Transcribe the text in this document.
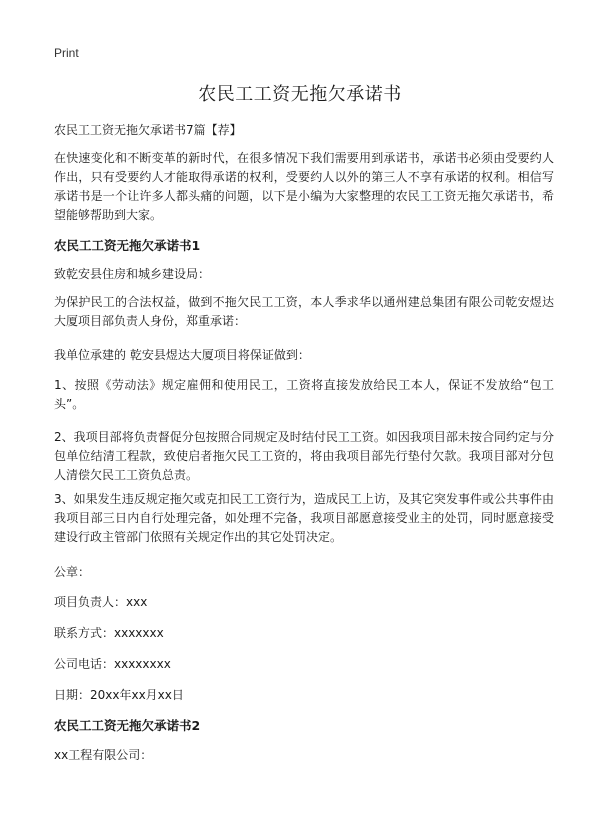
Print
农民工工资无拖欠承诺书
农民工工资无拖欠承诺书7篇【荐】
在快速变化和不断变革的新时代，在很多情况下我们需要用到承诺书，承诺书必须由受要约人作出，只有受要约人才能取得承诺的权利，受要约人以外的第三人不享有承诺的权利。相信写承诺书是一个让许多人都头痛的问题，以下是小编为大家整理的农民工工资无拖欠承诺书，希望能够帮助到大家。
农民工工资无拖欠承诺书1
致乾安县住房和城乡建设局：
为保护民工的合法权益，做到不拖欠民工工资，本人季求华以通州建总集团有限公司乾安煜达大厦项目部负责人身份，郑重承诺：
我单位承建的 乾安县煜达大厦项目将保证做到：
1、按照《劳动法》规定雇佣和使用民工，工资将直接发放给民工本人，保证不发放给“包工头”。
2、我项目部将负责督促分包按照合同规定及时结付民工工资。如因我项目部未按合同约定与分包单位结清工程款，致使启者拖欠民工工资的，将由我项目部先行垫付欠款。我项目部对分包人清偿欠民工工资负总责。
3、如果发生违反规定拖欠或克扣民工工资行为，造成民工上访，及其它突发事件或公共事件由我项目部三日内自行处理完备，如处理不完备，我项目部愿意接受业主的处罚，同时愿意接受建设行政主管部门依照有关规定作出的其它处罚决定。
公章：
项目负责人：xxx
联系方式：xxxxxxx
公司电话：xxxxxxxx
日期：20xx年xx月xx日
农民工工资无拖欠承诺书2
xx工程有限公司：
